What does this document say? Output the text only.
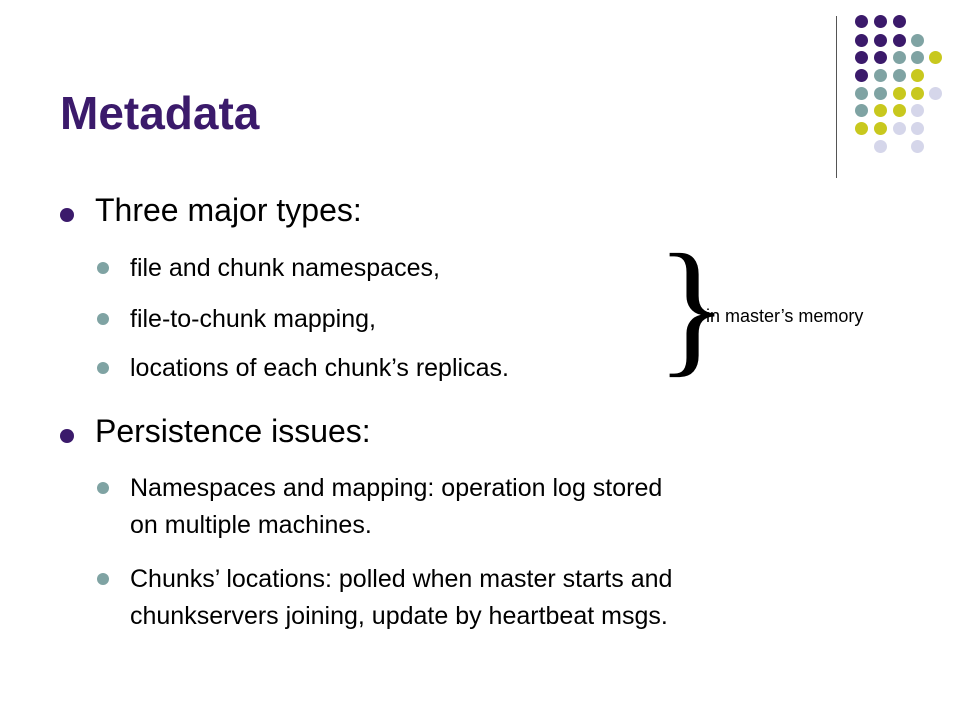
Metadata
Three major types:
file and chunk namespaces,
file-to-chunk mapping,
locations of each chunk’s replicas. }
in master’s memory
Persistence issues:
Namespaces and mapping: operation log stored
on multiple machines.
Chunks’ locations: polled when master starts and
chunkservers joining, update by heartbeat msgs.
